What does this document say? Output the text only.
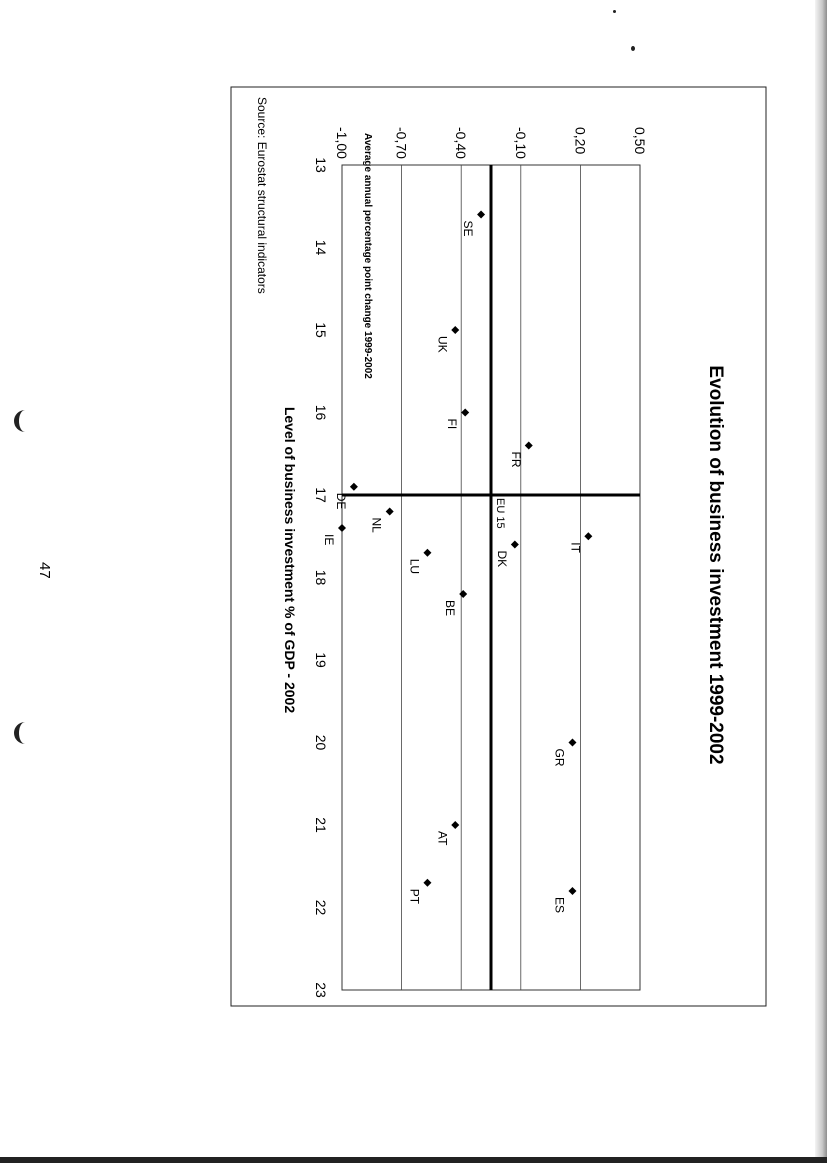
47	Evolution of business investment 1999-2002
Average annual percentage point change 1999-2002
Level of business investment % of GDP - 2002
Source: Eurostat structural indicators	0,50
0,20
-0,10
-0,40
-0,70
-1,00
13
14
15
16
17
18
19
20
21
22
23
EU 15
SE
UK
FI
FR
DE
IT
DK
NL
IE
LU
BE
GR
AT
PT
ES
